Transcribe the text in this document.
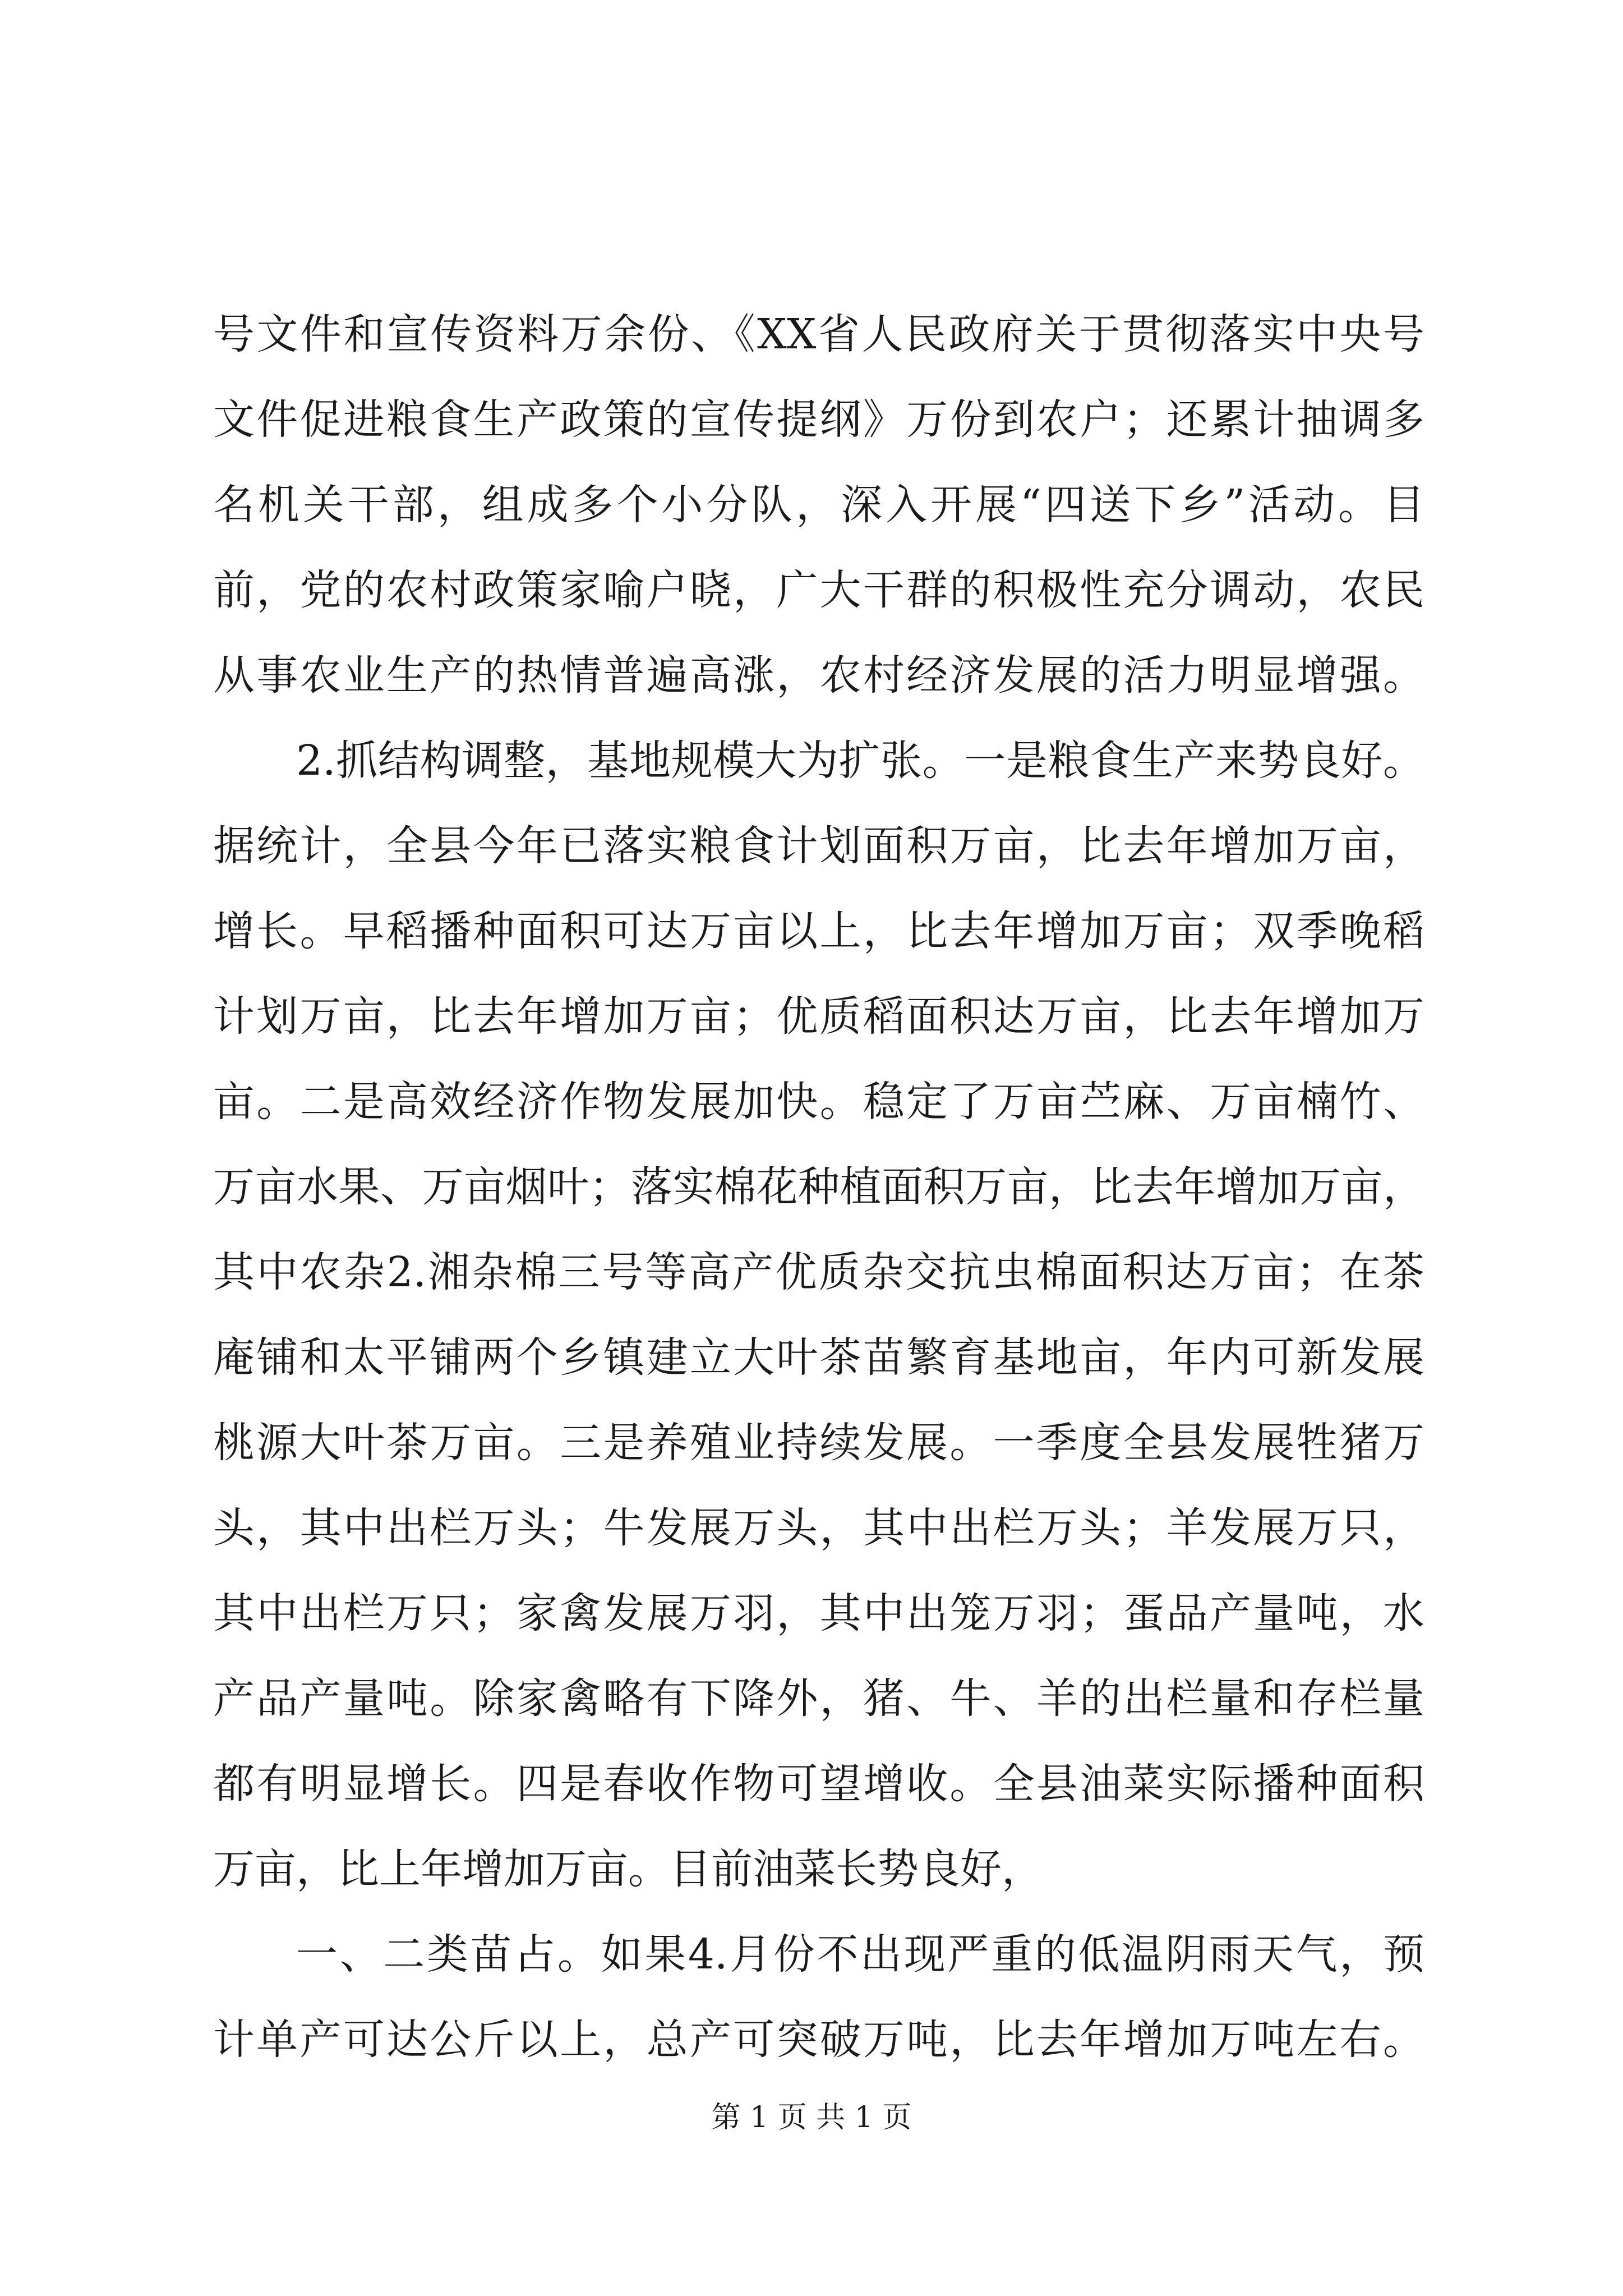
号文件和宣传资料万余份、《XX省人民政府关于贯彻落实中央号
文件促进粮食生产政策的宣传提纲》万份到农户；还累计抽调多
名机关干部，组成多个小分队，深入开展“四送下乡”活动。目
前，党的农村政策家喻户晓，广大干群的积极性充分调动，农民
从事农业生产的热情普遍高涨，农村经济发展的活力明显增强。
2.抓结构调整，基地规模大为扩张。一是粮食生产来势良好。
据统计，全县今年已落实粮食计划面积万亩，比去年增加万亩，
增长。早稻播种面积可达万亩以上，比去年增加万亩；双季晚稻
计划万亩，比去年增加万亩；优质稻面积达万亩，比去年增加万
亩。二是高效经济作物发展加快。稳定了万亩苎麻、万亩楠竹、
万亩水果、万亩烟叶；落实棉花种植面积万亩，比去年增加万亩，
其中农杂2.湘杂棉三号等高产优质杂交抗虫棉面积达万亩；在茶
庵铺和太平铺两个乡镇建立大叶茶苗繁育基地亩，年内可新发展
桃源大叶茶万亩。三是养殖业持续发展。一季度全县发展牲猪万
头，其中出栏万头；牛发展万头，其中出栏万头；羊发展万只，
其中出栏万只；家禽发展万羽，其中出笼万羽；蛋品产量吨，水
产品产量吨。除家禽略有下降外，猪、牛、羊的出栏量和存栏量
都有明显增长。四是春收作物可望增收。全县油菜实际播种面积
万亩，比上年增加万亩。目前油菜长势良好，
一、二类苗占。如果4.月份不出现严重的低温阴雨天气，预
计单产可达公斤以上，总产可突破万吨，比去年增加万吨左右。
第 1 页 共 1 页
